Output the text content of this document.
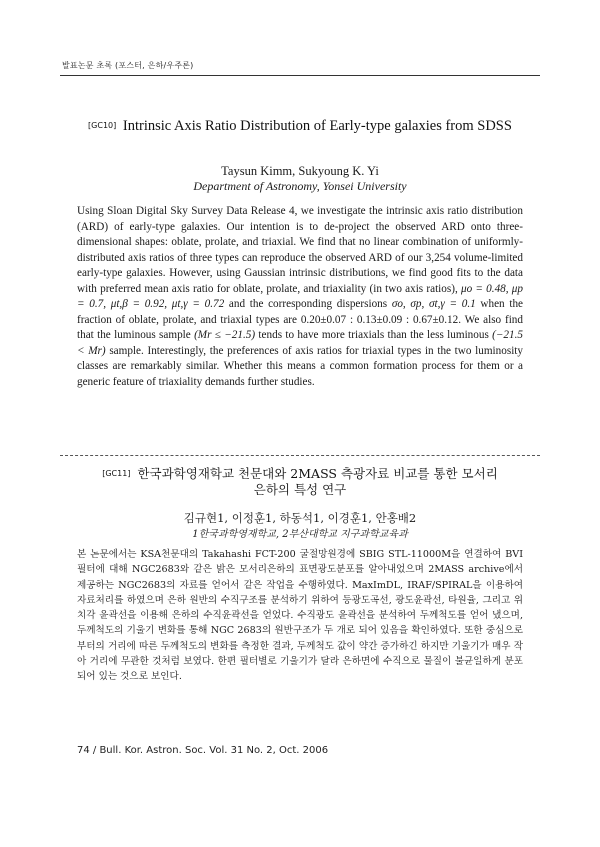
발표논문 초록 (포스터, 은하/우주론)
[GC10] Intrinsic Axis Ratio Distribution of Early-type galaxies from SDSS
Taysun Kimm, Sukyoung K. Yi
Department of Astronomy, Yonsei University

Using Sloan Digital Sky Survey Data Release 4, we investigate the intrinsic axis ratio distribution (ARD) of early-type galaxies. Our intention is to de-project the observed ARD onto three-dimensional shapes: oblate, prolate, and triaxial. We find that no linear combination of uniformly-distributed axis ratios of three types can reproduce the observed ARD of our 3,254 volume-limited early-type galaxies. However, using Gaussian intrinsic distributions, we find good fits to the data with preferred mean axis ratio for oblate, prolate, and triaxiality (in two axis ratios), μo = 0.48, μp = 0.7, μt,β = 0.92, μt,γ = 0.72 and the corresponding dispersions σo, σp, σt,γ = 0.1 when the fraction of oblate, prolate, and triaxial types are 0.20±0.07 : 0.13±0.09 : 0.67±0.12. We also find that the luminous sample (Mr ≤ −21.5) tends to have more triaxials than the less luminous (−21.5 < Mr) sample. Interestingly, the preferences of axis ratios for triaxial types in the two luminosity classes are remarkably similar. Whether this means a common formation process for them or a generic feature of triaxiality demands further studies.

[GC11] 한국과학영재학교 천문대와 2MASS 측광자료 비교를 통한 모서리
은하의 특성 연구
김규현1, 이정훈1, 하동석1, 이경훈1, 안홍배2
1한국과학영재학교, 2부산대학교 지구과학교육과

본 논문에서는 KSA천문대의 Takahashi FCT-200 굴절망원경에 SBIG STL-11000M을 연결하여 BVI 필터에 대해 NGC2683와 같은 밝은 모서리은하의 표면광도분포를 알아내었으며 2MASS archive에서 제공하는 NGC2683의 자료를 얻어서 같은 작업을 수행하였다. MaxImDL, IRAF/SPIRAL을 이용하여 자료처리를 하였으며 은하 원반의 수직구조를 분석하기 위하여 등광도곡선, 광도윤곽선, 타원율, 그리고 위치각 윤곽선을 이용해 은하의 수직윤곽선을 얻었다. 수직광도 윤곽선을 분석하여 두께척도를 얻어 냈으며, 두께척도의 기울기 변화를 통해 NGC 2683의 원반구조가 두 개로 되어 있음을 확인하였다. 또한 중심으로부터의 거리에 따른 두께척도의 변화를 측정한 결과, 두께척도 값이 약간 증가하긴 하지만 기울기가 매우 작아 거리에 무관한 것처럼 보였다. 한편 필터별로 기울기가 달라 은하면에 수직으로 물질이 불균일하게 분포되어 있는 것으로 보인다.

74 / Bull. Kor. Astron. Soc. Vol. 31 No. 2, Oct. 2006
